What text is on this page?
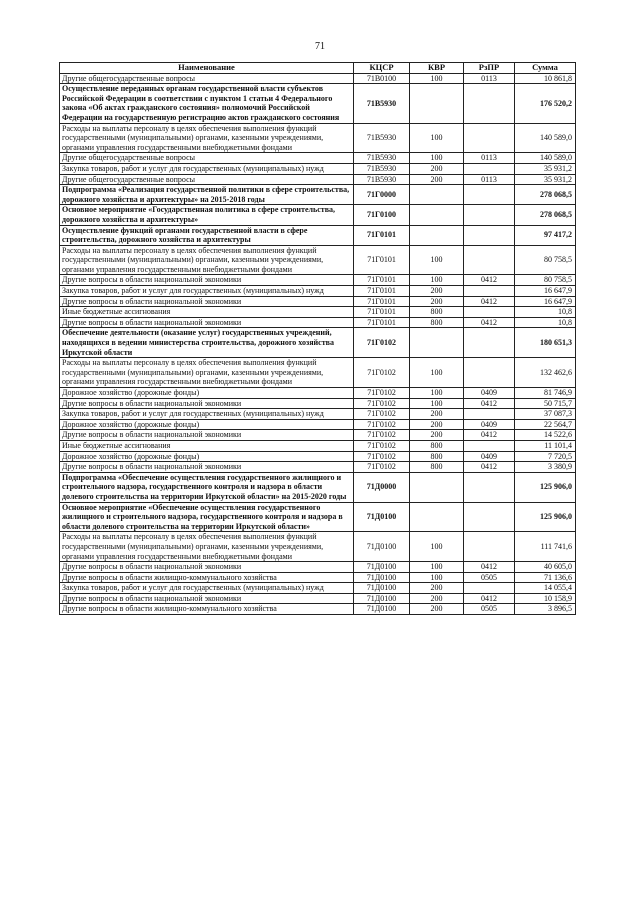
71
Наименование	КЦСР	КВР	РзПР	Сумма
Другие общегосударственные вопросы	71В0100	100	0113	10 861,8
Осуществление переданных органам государственной власти субъектов Российской Федерации в соответствии с пунктом 1 статьи 4 Федерального закона «Об актах гражданского состояния» полномочий Российской Федерации на государственную регистрацию актов гражданского состояния	71В5930			176 520,2
Расходы на выплаты персоналу в целях обеспечения выполнения функций государственными (муниципальными) органами, казенными учреждениями, органами управления государственными внебюджетными фондами	71В5930	100		140 589,0
Другие общегосударственные вопросы	71В5930	100	0113	140 589,0
Закупка товаров, работ и услуг для государственных (муниципальных) нужд	71В5930	200		35 931,2
Другие общегосударственные вопросы	71В5930	200	0113	35 931,2
Подпрограмма «Реализация государственной политики в сфере строительства, дорожного хозяйства и архитектуры» на 2015-2018 годы	71Г0000			278 068,5
Основное мероприятие «Государственная политика в сфере строительства, дорожного хозяйства и архитектуры»	71Г0100			278 068,5
Осуществление функций органами государственной власти в сфере строительства, дорожного хозяйства и архитектуры	71Г0101			97 417,2
Расходы на выплаты персоналу в целях обеспечения выполнения функций государственными (муниципальными) органами, казенными учреждениями, органами управления государственными внебюджетными фондами	71Г0101	100		80 758,5
Другие вопросы в области национальной экономики	71Г0101	100	0412	80 758,5
Закупка товаров, работ и услуг для государственных (муниципальных) нужд	71Г0101	200		16 647,9
Другие вопросы в области национальной экономики	71Г0101	200	0412	16 647,9
Иные бюджетные ассигнования	71Г0101	800		10,8
Другие вопросы в области национальной экономики	71Г0101	800	0412	10,8
Обеспечение деятельности (оказание услуг) государственных учреждений, находящихся в ведении министерства строительства, дорожного хозяйства Иркутской области	71Г0102			180 651,3
Расходы на выплаты персоналу в целях обеспечения выполнения функций государственными (муниципальными) органами, казенными учреждениями, органами управления государственными внебюджетными фондами	71Г0102	100		132 462,6
Дорожное хозяйство (дорожные фонды)	71Г0102	100	0409	81 746,9
Другие вопросы в области национальной экономики	71Г0102	100	0412	50 715,7
Закупка товаров, работ и услуг для государственных (муниципальных) нужд	71Г0102	200		37 087,3
Дорожное хозяйство (дорожные фонды)	71Г0102	200	0409	22 564,7
Другие вопросы в области национальной экономики	71Г0102	200	0412	14 522,6
Иные бюджетные ассигнования	71Г0102	800		11 101,4
Дорожное хозяйство (дорожные фонды)	71Г0102	800	0409	7 720,5
Другие вопросы в области национальной экономики	71Г0102	800	0412	3 380,9
Подпрограмма «Обеспечение осуществления государственного жилищного и строительного надзора, государственного контроля и надзора в области долевого строительства на территории Иркутской области» на 2015-2020 годы	71Д0000			125 906,0
Основное мероприятие «Обеспечение осуществления государственного жилищного и строительного надзора, государственного контроля и надзора в области долевого строительства на территории Иркутской области»	71Д0100			125 906,0
Расходы на выплаты персоналу в целях обеспечения выполнения функций государственными (муниципальными) органами, казенными учреждениями, органами управления государственными внебюджетными фондами	71Д0100	100		111 741,6
Другие вопросы в области национальной экономики	71Д0100	100	0412	40 605,0
Другие вопросы в области жилищно-коммунального хозяйства	71Д0100	100	0505	71 136,6
Закупка товаров, работ и услуг для государственных (муниципальных) нужд	71Д0100	200		14 055,4
Другие вопросы в области национальной экономики	71Д0100	200	0412	10 158,9
Другие вопросы в области жилищно-коммунального хозяйства	71Д0100	200	0505	3 896,5
